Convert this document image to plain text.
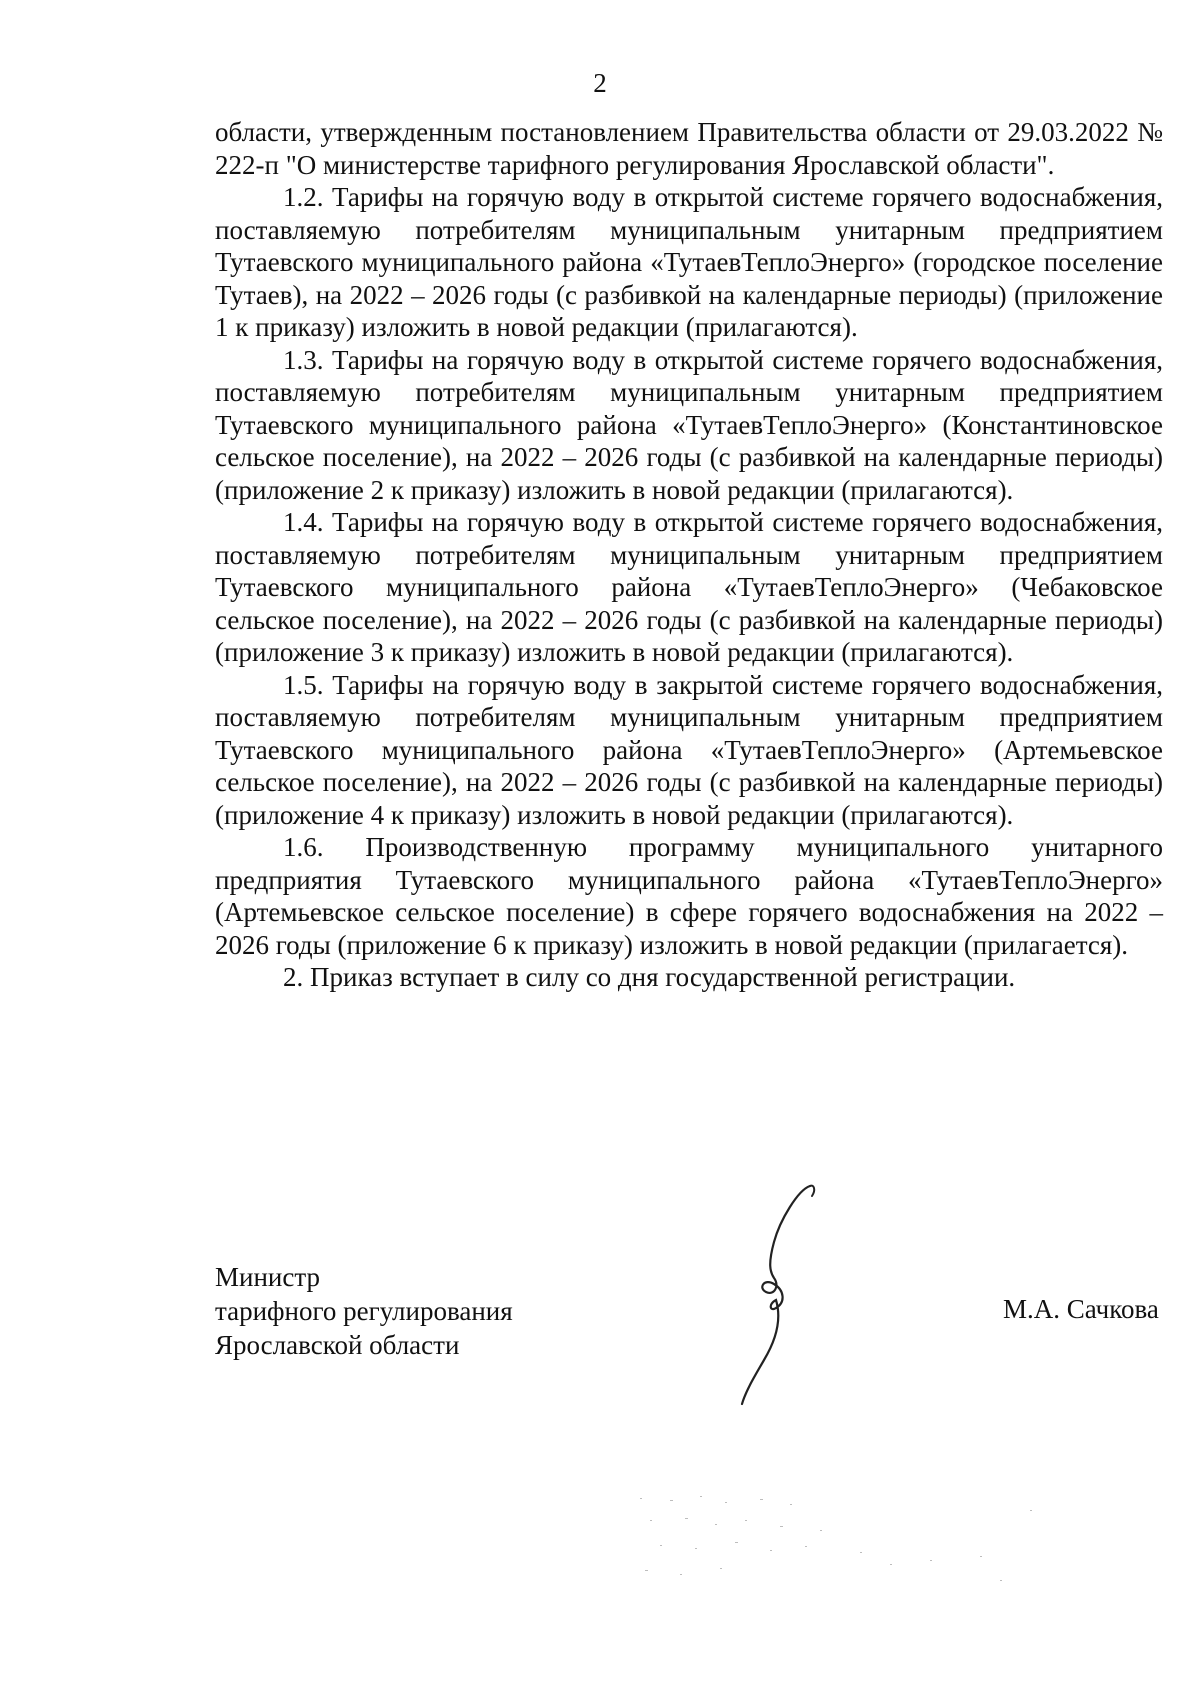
2

области, утвержденным постановлением Правительства области от 29.03.2022 № 222-п "О министерстве тарифного регулирования Ярославской области".

1.2. Тарифы на горячую воду в открытой системе горячего водоснабжения, поставляемую потребителям муниципальным унитарным предприятием Тутаевского муниципального района «ТутаевТеплоЭнерго» (городское поселение Тутаев), на 2022 – 2026 годы (с разбивкой на календарные периоды) (приложение 1 к приказу) изложить в новой редакции (прилагаются).

1.3. Тарифы на горячую воду в открытой системе горячего водоснабжения, поставляемую потребителям муниципальным унитарным предприятием Тутаевского муниципального района «ТутаевТеплоЭнерго» (Константиновское сельское поселение), на 2022 – 2026 годы (с разбивкой на календарные периоды) (приложение 2 к приказу) изложить в новой редакции (прилагаются).

1.4. Тарифы на горячую воду в открытой системе горячего водоснабжения, поставляемую потребителям муниципальным унитарным предприятием Тутаевского муниципального района «ТутаевТеплоЭнерго» (Чебаковское сельское поселение), на 2022 – 2026 годы (с разбивкой на календарные периоды) (приложение 3 к приказу) изложить в новой редакции (прилагаются).

1.5. Тарифы на горячую воду в закрытой системе горячего водоснабжения, поставляемую потребителям муниципальным унитарным предприятием Тутаевского муниципального района «ТутаевТеплоЭнерго» (Артемьевское сельское поселение), на 2022 – 2026 годы (с разбивкой на календарные периоды) (приложение 4 к приказу) изложить в новой редакции (прилагаются).

1.6. Производственную программу муниципального унитарного предприятия Тутаевского муниципального района «ТутаевТеплоЭнерго» (Артемьевское сельское поселение) в сфере горячего водоснабжения на 2022 – 2026 годы (приложение 6 к приказу) изложить в новой редакции (прилагается).

2. Приказ вступает в силу со дня государственной регистрации.

Министр
тарифного регулирования
Ярославской области
М.А. Сачкова
